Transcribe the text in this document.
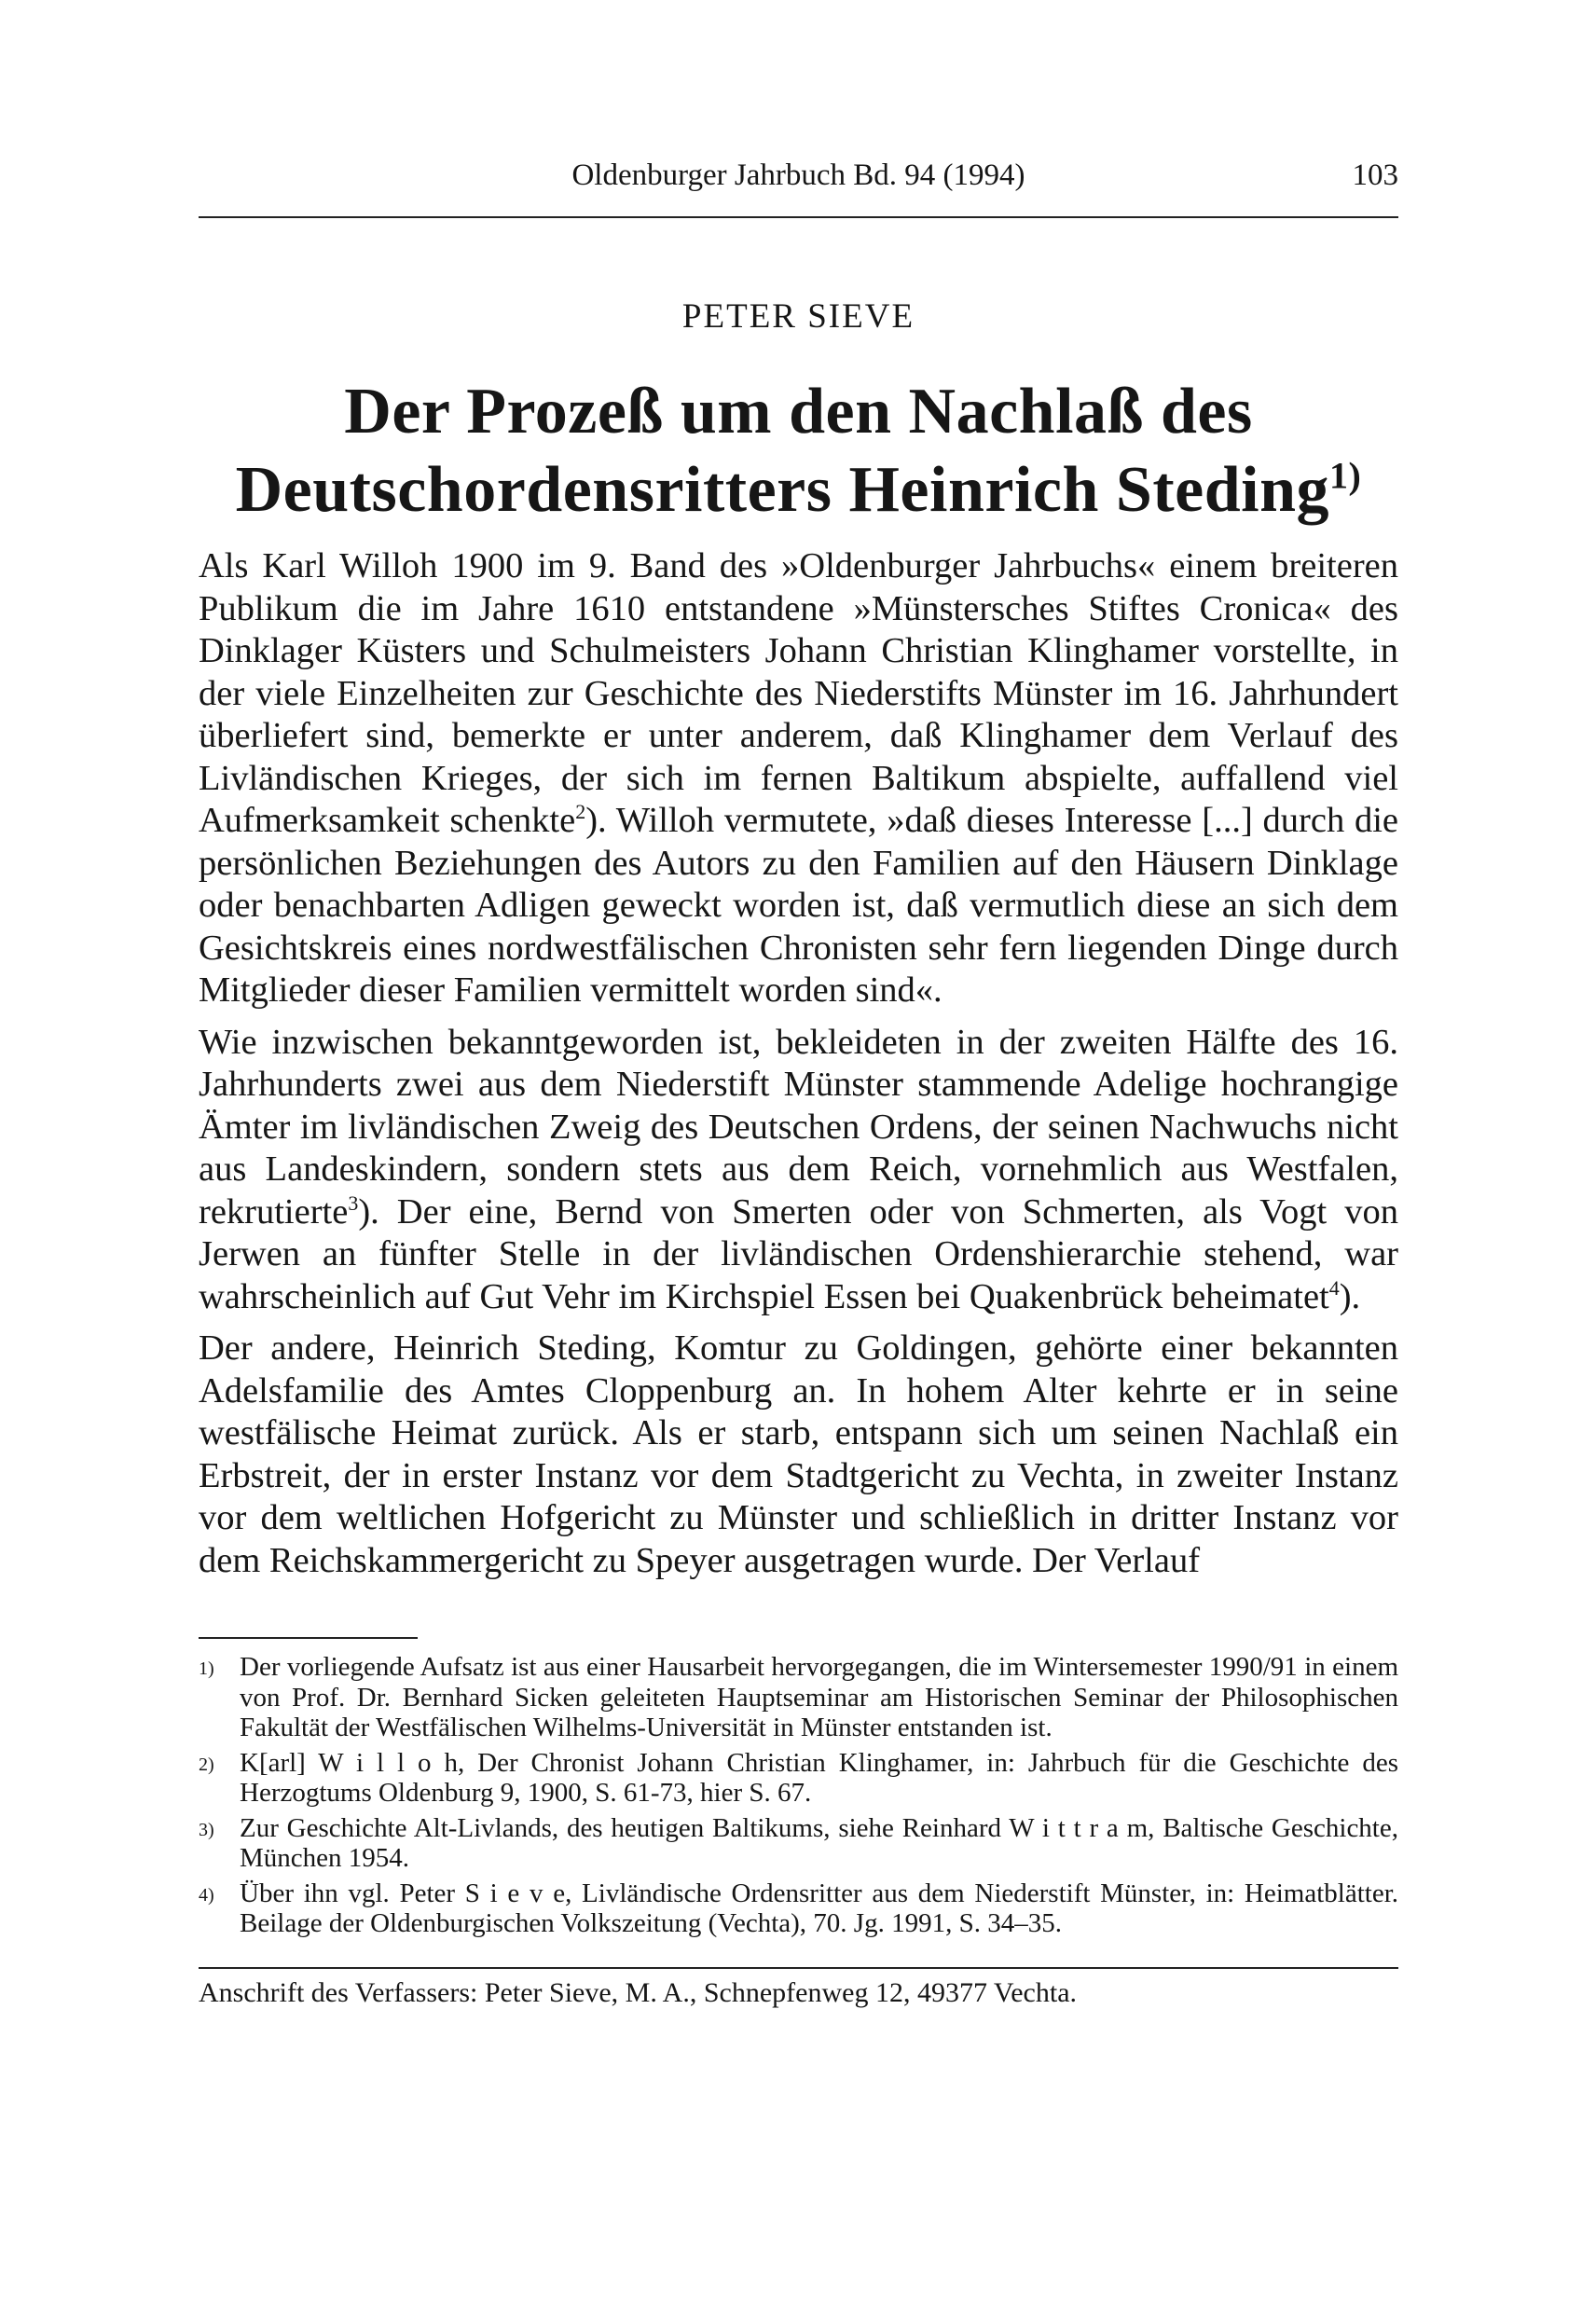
Oldenburger Jahrbuch Bd. 94 (1994)	103
PETER SIEVE
Der Prozeß um den Nachlaß des
Deutschordensritters Heinrich Steding$^{1)}$

Als Karl Willoh 1900 im 9. Band des »Oldenburger Jahrbuchs« einem breiteren Publikum die im Jahre 1610 entstandene »Münstersches Stiftes Cronica« des Dinklager Küsters und Schulmeisters Johann Christian Klinghamer vorstellte, in der viele Einzelheiten zur Geschichte des Niederstifts Münster im 16. Jahrhundert überliefert sind, bemerkte er unter anderem, daß Klinghamer dem Verlauf des Livländischen Krieges, der sich im fernen Baltikum abspielte, auffallend viel Aufmerksamkeit schenkte$^2$). Willoh vermutete, »daß dieses Interesse [...] durch die persönlichen Beziehungen des Autors zu den Familien auf den Häusern Dinklage oder benachbarten Adligen geweckt worden ist, daß vermutlich diese an sich dem Gesichtskreis eines nordwestfälischen Chronisten sehr fern liegenden Dinge durch Mitglieder dieser Familien vermittelt worden sind«.

Wie inzwischen bekanntgeworden ist, bekleideten in der zweiten Hälfte des 16. Jahrhunderts zwei aus dem Niederstift Münster stammende Adelige hochrangige Ämter im livländischen Zweig des Deutschen Ordens, der seinen Nachwuchs nicht aus Landeskindern, sondern stets aus dem Reich, vornehmlich aus Westfalen, rekrutierte$^3$). Der eine, Bernd von Smerten oder von Schmerten, als Vogt von Jerwen an fünfter Stelle in der livländischen Ordenshierarchie stehend, war wahrscheinlich auf Gut Vehr im Kirchspiel Essen bei Quakenbrück beheimatet$^4$).

Der andere, Heinrich Steding, Komtur zu Goldingen, gehörte einer bekannten Adelsfamilie des Amtes Cloppenburg an. In hohem Alter kehrte er in seine westfälische Heimat zurück. Als er starb, entspann sich um seinen Nachlaß ein Erbstreit, der in erster Instanz vor dem Stadtgericht zu Vechta, in zweiter Instanz vor dem weltlichen Hofgericht zu Münster und schließlich in dritter Instanz vor dem Reichskammergericht zu Speyer ausgetragen wurde. Der Verlauf

1) Der vorliegende Aufsatz ist aus einer Hausarbeit hervorgegangen, die im Wintersemester 1990/91 in einem von Prof. Dr. Bernhard Sicken geleiteten Hauptseminar am Historischen Seminar der Philosophischen Fakultät der Westfälischen Wilhelms-Universität in Münster entstanden ist.
2) K[arl] W i l l o h, Der Chronist Johann Christian Klinghamer, in: Jahrbuch für die Geschichte des Herzogtums Oldenburg 9, 1900, S. 61-73, hier S. 67.
3) Zur Geschichte Alt-Livlands, des heutigen Baltikums, siehe Reinhard W i t t r a m, Baltische Geschichte, München 1954.
4) Über ihn vgl. Peter S i e v e, Livländische Ordensritter aus dem Niederstift Münster, in: Heimatblätter. Beilage der Oldenburgischen Volkszeitung (Vechta), 70. Jg. 1991, S. 34–35.
Anschrift des Verfassers: Peter Sieve, M. A., Schnepfenweg 12, 49377 Vechta.
